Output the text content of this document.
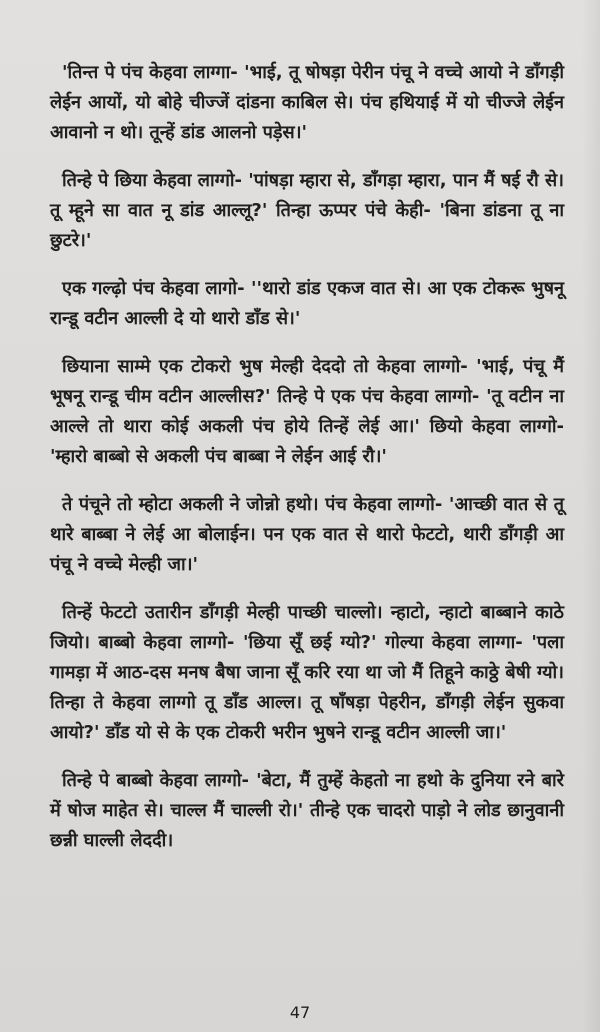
'तिन्त पे पंच केहवा लाग्गा- 'भाई, तू षोषड़ा पेरीन पंचू ने वच्चे आयो ने डाँगड़ी लेईन आयों, यो बोहे चीज्जें दांडना काबिल से। पंच हथियाई में यो चीज्जे लेईन आवानो न थो। तून्हें डांड आलनो पड़ेस।'

तिन्हे पे छिया केहवा लाग्गो- 'पांषड़ा म्हारा से, डाँगड़ा म्हारा, पान मैं षई रौ से। तू म्हूने सा वात नू डांड आल्लू?' तिन्हा ऊप्पर पंचे केही- 'बिना डांडना तू ना छुटरे।'

एक गल्ढ़ो पंच केहवा लागो- ''थारो डांड एकज वात से। आ एक टोकरू भुषनू रान्डू वटीन आल्ली दे यो थारो डाँड से।'

छियाना साम्मे एक टोकरो भुष मेल्ही देददो तो केहवा लाग्गो- 'भाई, पंचू मैं भूषनू रान्डू चीम वटीन आल्लीस?' तिन्हे पे एक पंच केहवा लाग्गो- 'तू वटीन ना आल्ले तो थारा कोई अकली पंच होये तिन्हें लेई आ।' छियो केहवा लाग्गो- 'म्हारो बाब्बो से अकली पंच बाब्बा ने लेईन आई रौ।'

ते पंचूने तो म्होटा अकली ने जोन्नो हथो। पंच केहवा लाग्गो- 'आच्छी वात से तू थारे बाब्बा ने लेई आ बोलाईन। पन एक वात से थारो फेटटो, थारी डाँगड़ी आ पंचू ने वच्चे मेल्ही जा।'

तिन्हें फेटटो उतारीन डाँगड़ी मेल्ही पाच्छी चाल्लो। न्हाटो, न्हाटो बाब्बाने काठे जियो। बाब्बो केहवा लाग्गो- 'छिया सूँ छई ग्यो?' गोल्या केहवा लाग्गा- 'पला गामड़ा में आठ-दस मनष बैषा जाना सूँ करि रया था जो मैं तिहूने काठ्ठे बेषी ग्यो। तिन्हा ते केहवा लाग्गो तू डाँड आल्ल। तू षाँषड़ा पेहरीन, डाँगड़ी लेईन सुकवा आयो?' डाँड यो से के एक टोकरी भरीन भुषने रान्डू वटीन आल्ली जा।'

तिन्हे पे बाब्बो केहवा लाग्गो- 'बेटा, मैं तुम्हें केहतो ना हथो के दुनिया रने बारे में षोज माहेत से। चाल्ल मैं चाल्ली रो।' तीन्हे एक चादरो पाड़ो ने लोड छानुवानी छन्नी घाल्ली लेददी।

47
